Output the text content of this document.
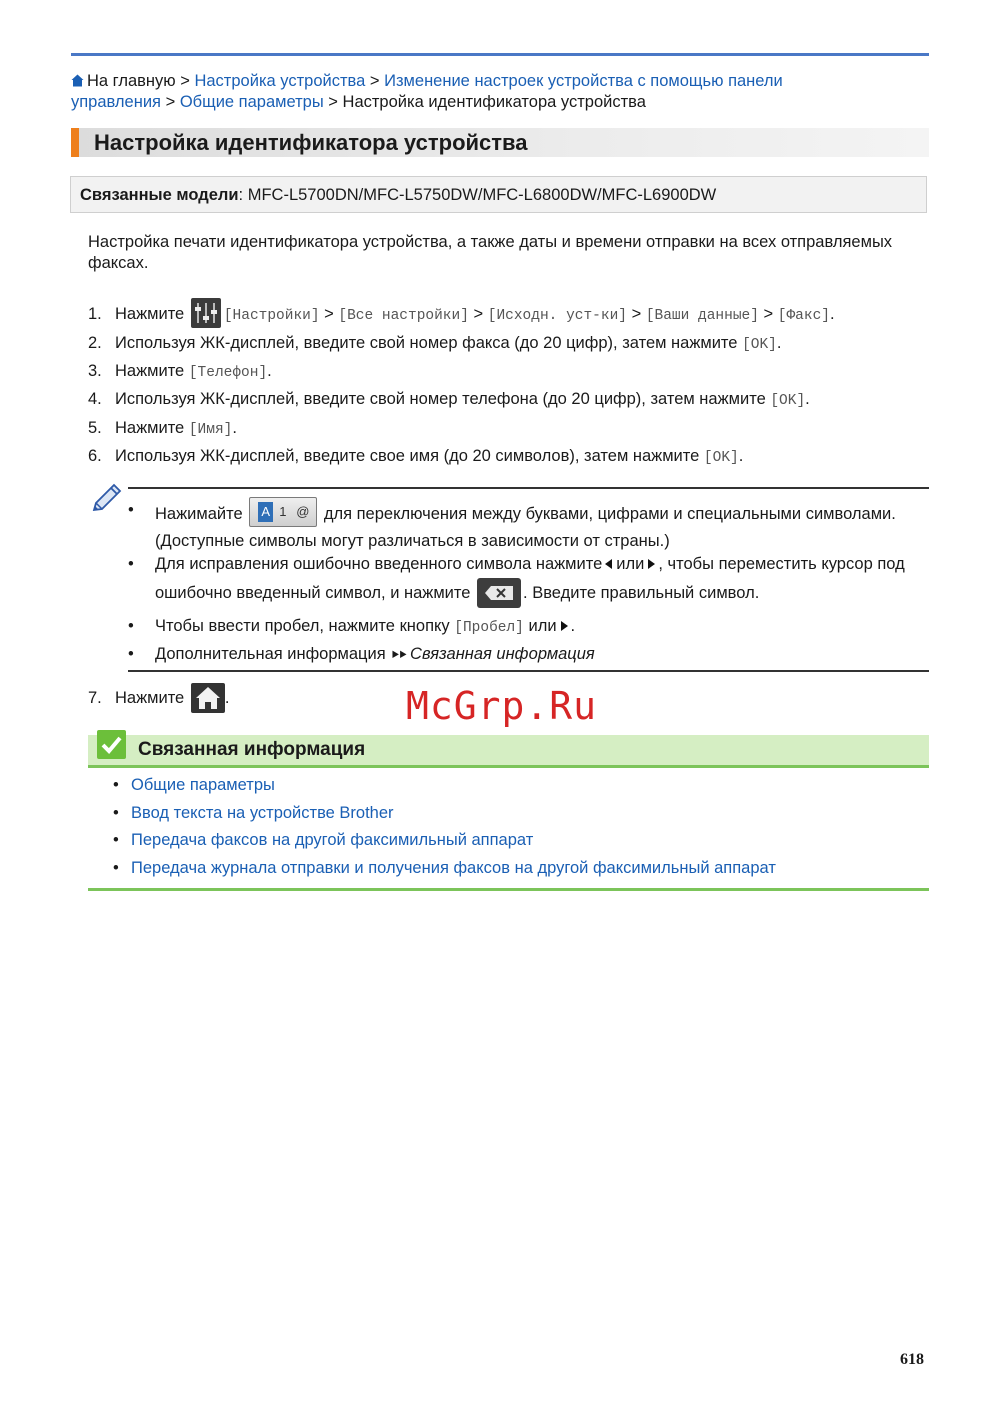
На главную > Настройка устройства > Изменение настроек устройства с помощью панели
управления > Общие параметры > Настройка идентификатора устройства
Настройка идентификатора устройства
Связанные модели: MFC-L5700DN/MFC-L5750DW/MFC-L6800DW/MFC-L6900DW
Настройка печати идентификатора устройства, а также даты и времени отправки на всех отправляемых факсах.
1. Нажмите	[Настройки] > [Все настройки] > [Исходн. уст-ки] > [Ваши данные] > [Факс].
2. Используя ЖК-дисплей, введите свой номер факса (до 20 цифр), затем нажмите [OK].
3. Нажмите [Телефон].
4. Используя ЖК-дисплей, введите свой номер телефона (до 20 цифр), затем нажмите [OK].
5. Нажмите [Имя].
6. Используя ЖК-дисплей, введите свое имя (до 20 символов), затем нажмите [OK].
• Нажимайте A 1 @ для переключения между буквами, цифрами и специальными символами.
(Доступные символы могут различаться в зависимости от страны.)
• Для исправления ошибочно введенного символа нажмите или , чтобы переместить курсор под
ошибочно введенный символ, и нажмите	. Введите правильный символ.
• Чтобы ввести пробел, нажмите кнопку [Пробел] или .
• Дополнительная информация ⯈⯈ Связанная информация
7. Нажмите .	McGrp.Ru
Связанная информация
• Общие параметры
• Ввод текста на устройстве Brother
• Передача факсов на другой факсимильный аппарат
• Передача журнала отправки и получения факсов на другой факсимильный аппарат
618
